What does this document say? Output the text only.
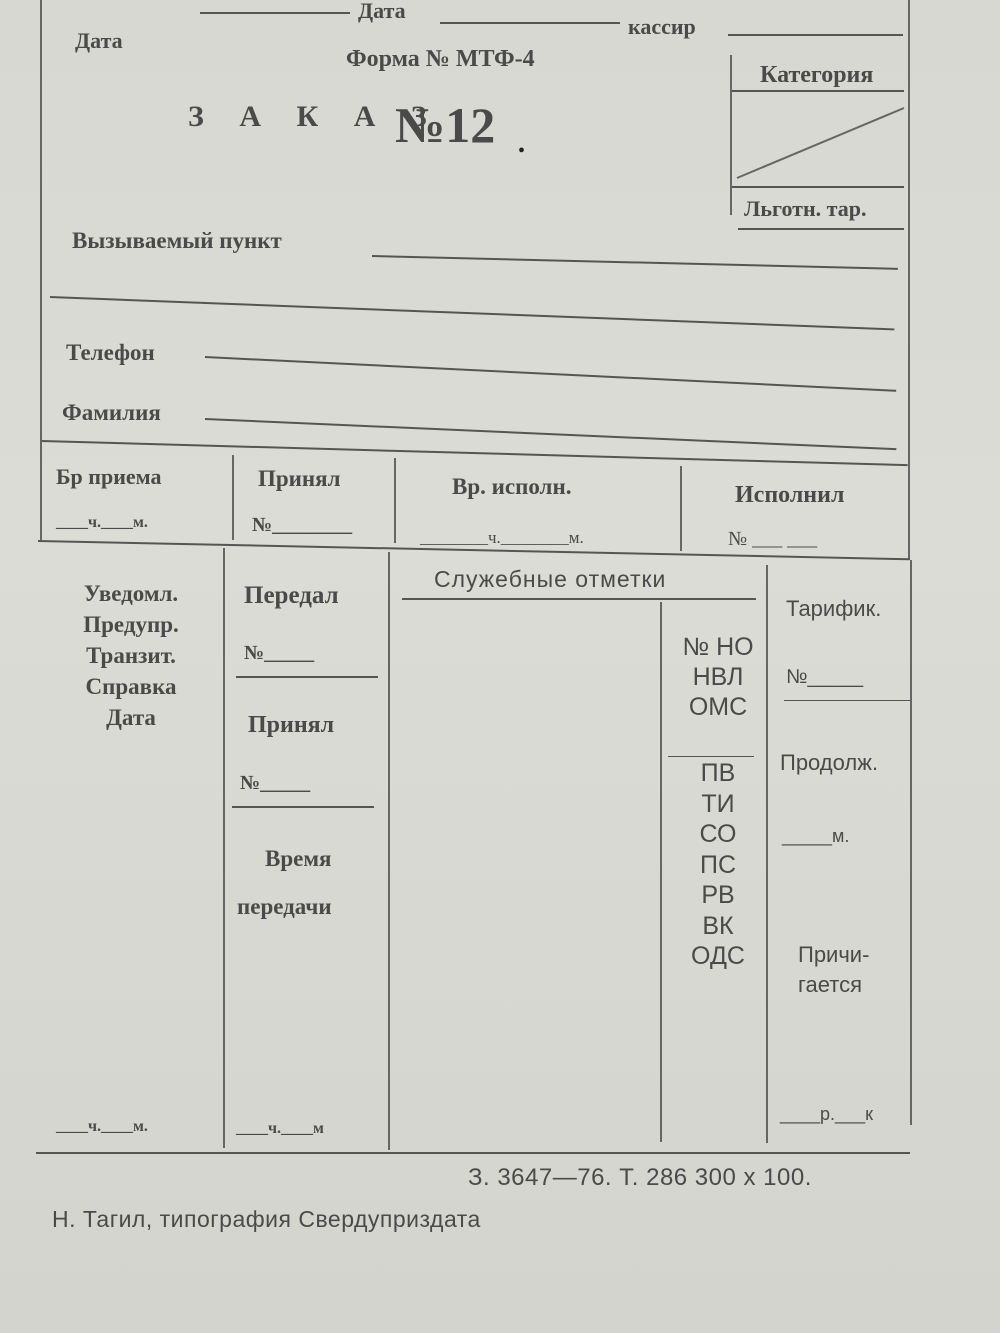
Дата
кассир
Дата
Форма № МТФ-4
З А К А З
№12 •
Категория
Льготн. тар.
Вызываемый пункт
Телефон
Фамилия
Бр приема
____ч.____м.
Принял
№________
Вр. исполн.
________ч.________м.
Исполнил
№ ___ ___
Уведомл.
Предупр.
Транзит.
Справка
Дата
____ч.____м.
Передал
№_____
Принял
№_____
Время
передачи
____ч.____м
Служебные отметки
№ НО
НВЛ
ОМС
ПВ
ТИ
СО
ПС
РВ
ВК
ОДС
Тарифик.
№_____
Продолж.
_____м.
Причи-
гается
____р.___к
З. 3647—76. Т. 286 300 x 100.
Н. Тагил, типография Свердуприздата
